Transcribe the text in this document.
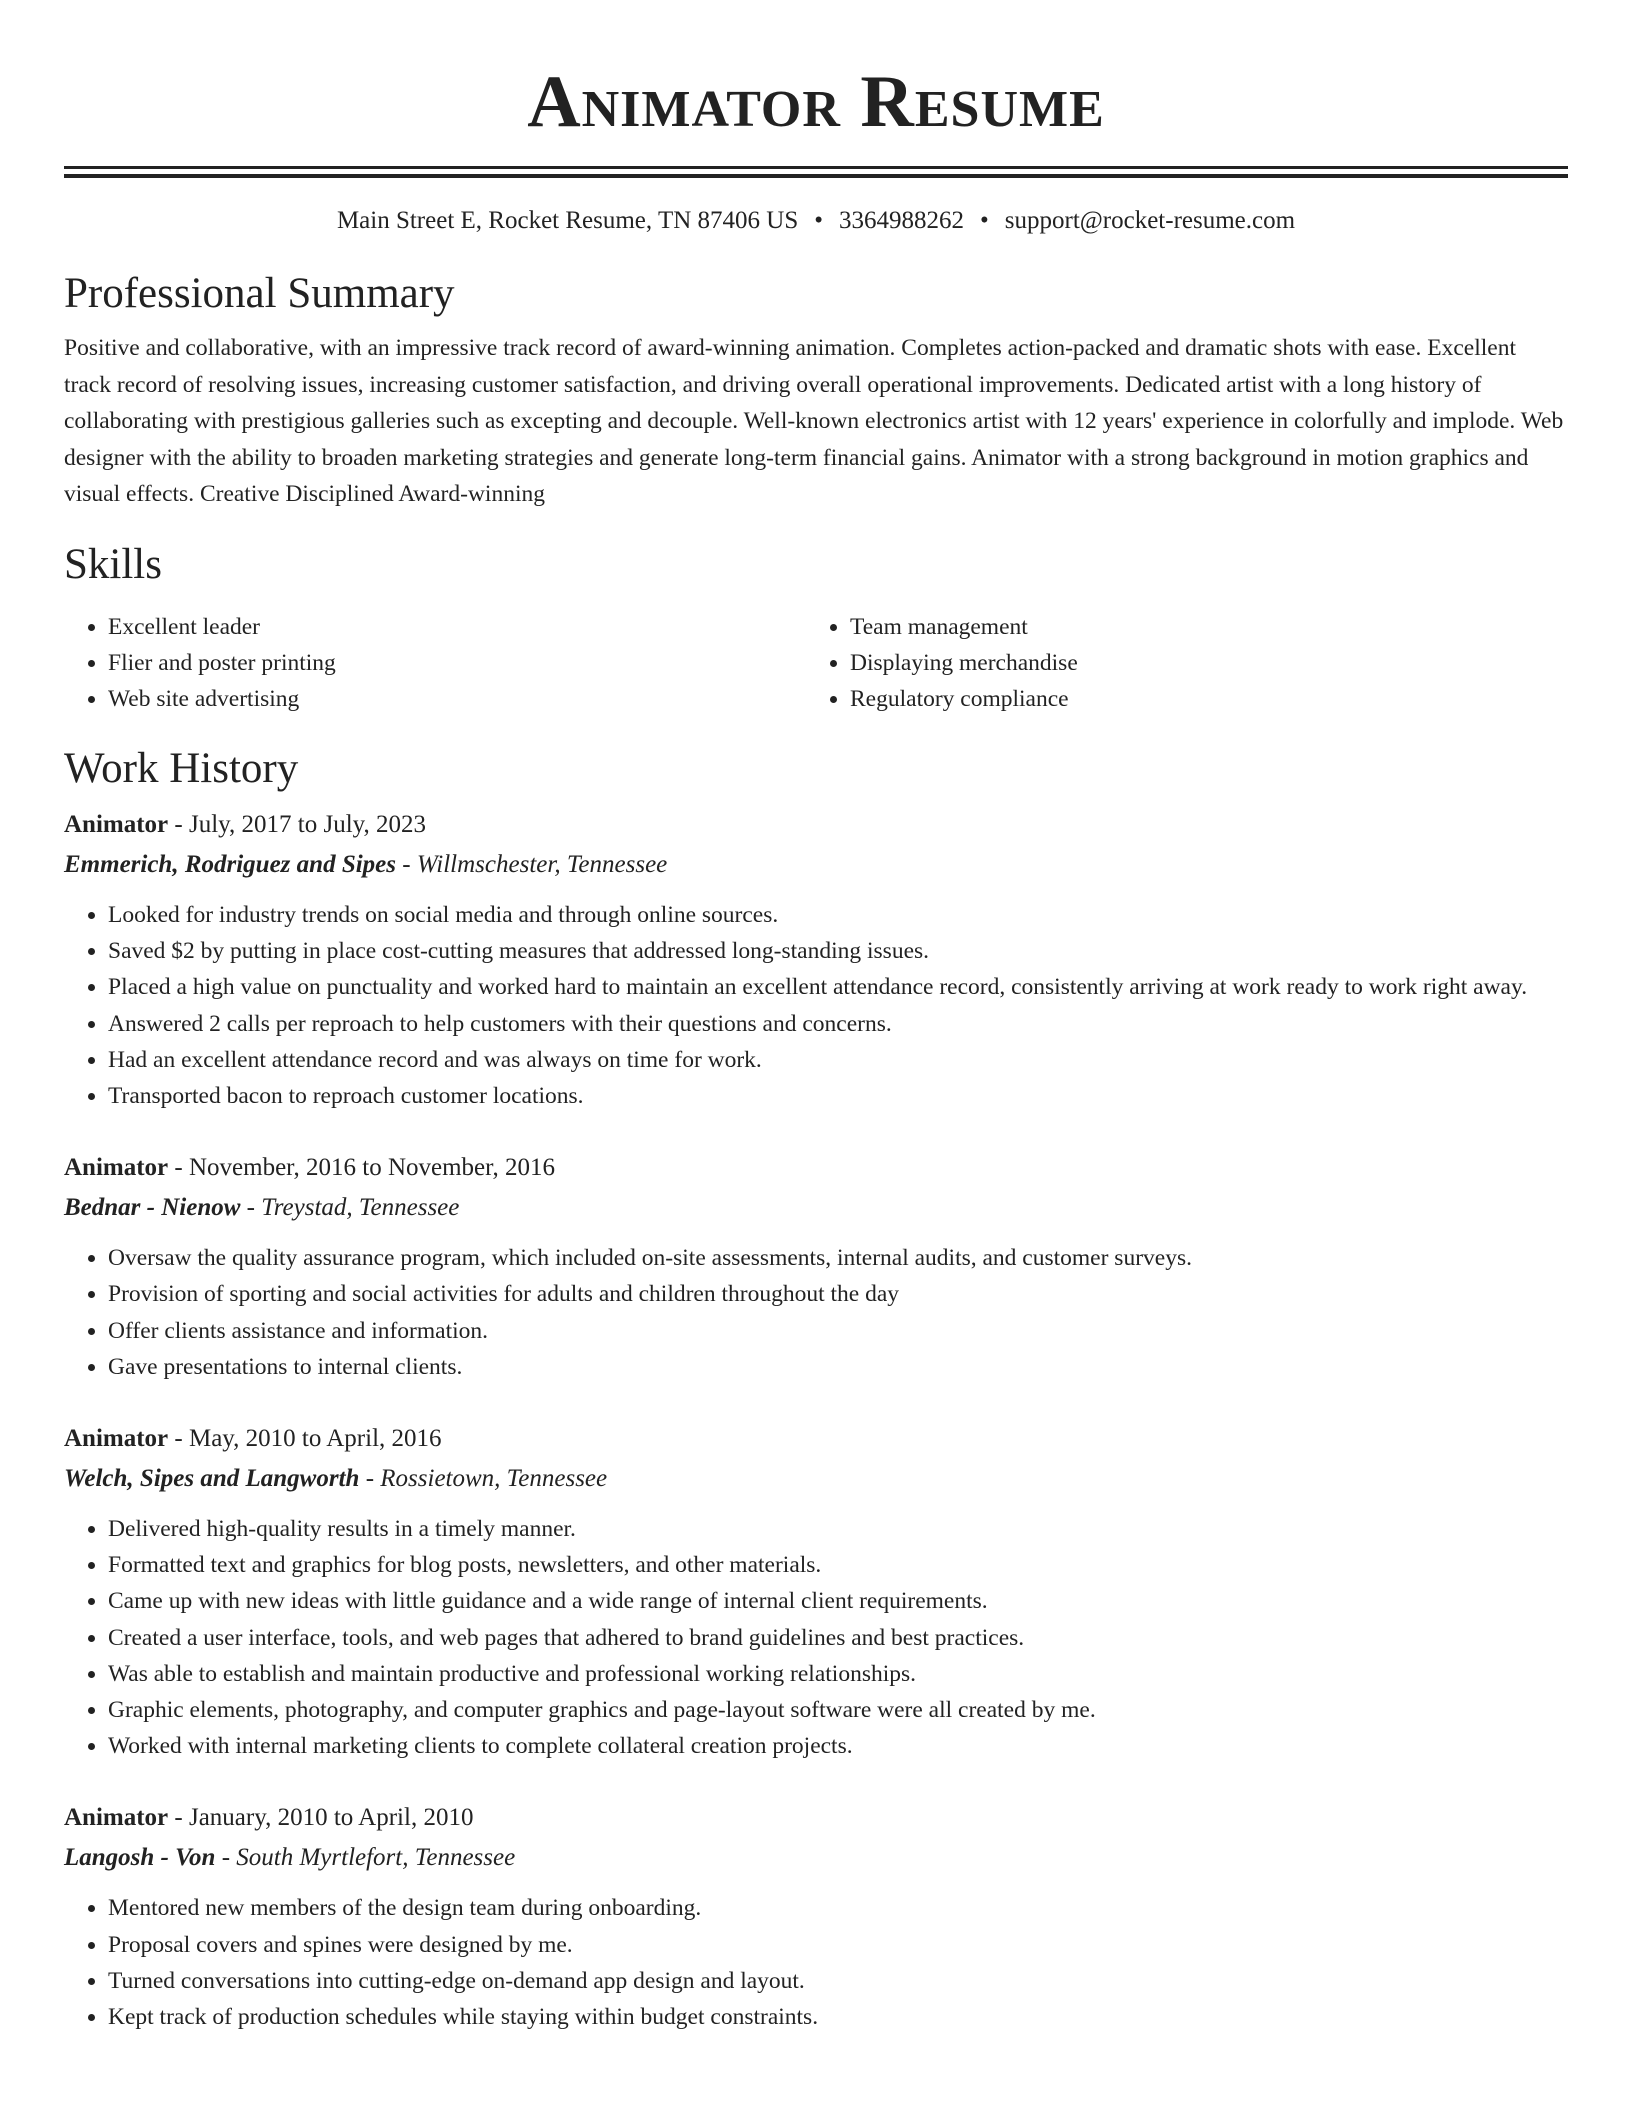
Animator Resume
Main Street E, Rocket Resume, TN 87406 US • 3364988262 • support@rocket-resume.com
Professional Summary

Positive and collaborative, with an impressive track record of award-winning animation. Completes action-packed and dramatic shots with ease. Excellent track record of resolving issues, increasing customer satisfaction, and driving overall operational improvements. Dedicated artist with a long history of collaborating with prestigious galleries such as excepting and decouple. Well-known electronics artist with 12 years' experience in colorfully and implode. Web designer with the ability to broaden marketing strategies and generate long-term financial gains. Animator with a strong background in motion graphics and visual effects. Creative Disciplined Award-winning

Skills
• Excellent leader
• Flier and poster printing
• Web site advertising
• Team management
• Displaying merchandise
• Regulatory compliance
Work History
Animator - July, 2017 to July, 2023
Emmerich, Rodriguez and Sipes - Willmschester, Tennessee
• Looked for industry trends on social media and through online sources.
• Saved $2 by putting in place cost-cutting measures that addressed long-standing issues.
• Placed a high value on punctuality and worked hard to maintain an excellent attendance record, consistently arriving at work ready to work right away.
• Answered 2 calls per reproach to help customers with their questions and concerns.
• Had an excellent attendance record and was always on time for work.
• Transported bacon to reproach customer locations.
Animator - November, 2016 to November, 2016
Bednar - Nienow - Treystad, Tennessee
• Oversaw the quality assurance program, which included on-site assessments, internal audits, and customer surveys.
• Provision of sporting and social activities for adults and children throughout the day
• Offer clients assistance and information.
• Gave presentations to internal clients.
Animator - May, 2010 to April, 2016
Welch, Sipes and Langworth - Rossietown, Tennessee
• Delivered high-quality results in a timely manner.
• Formatted text and graphics for blog posts, newsletters, and other materials.
• Came up with new ideas with little guidance and a wide range of internal client requirements.
• Created a user interface, tools, and web pages that adhered to brand guidelines and best practices.
• Was able to establish and maintain productive and professional working relationships.
• Graphic elements, photography, and computer graphics and page-layout software were all created by me.
• Worked with internal marketing clients to complete collateral creation projects.
Animator - January, 2010 to April, 2010
Langosh - Von - South Myrtlefort, Tennessee
• Mentored new members of the design team during onboarding.
• Proposal covers and spines were designed by me.
• Turned conversations into cutting-edge on-demand app design and layout.
• Kept track of production schedules while staying within budget constraints.
